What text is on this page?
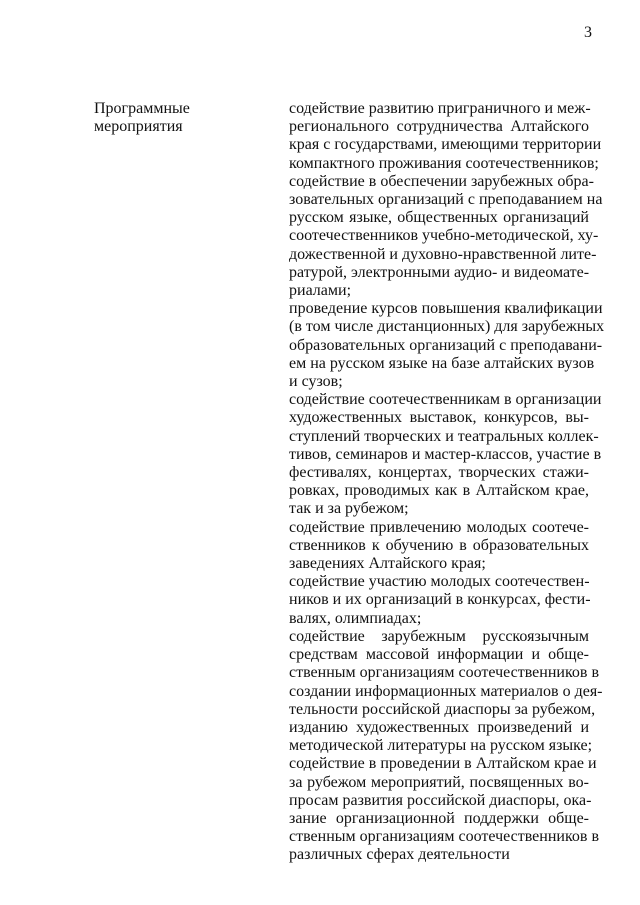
3
Программные
мероприятия
содействие развитию приграничного и меж-
регионального сотрудничества Алтайского
края с государствами, имеющими территории
компактного проживания соотечественников;
содействие в обеспечении зарубежных обра-
зовательных организаций с преподаванием на
русском языке, общественных организаций
соотечественников учебно-методической, ху-
дожественной и духовно-нравственной лите-
ратурой, электронными аудио- и видеомате-
риалами;
проведение курсов повышения квалификации
(в том числе дистанционных) для зарубежных
образовательных организаций с преподавани-
ем на русском языке на базе алтайских вузов
и сузов;
содействие соотечественникам в организации
художественных выставок, конкурсов, вы-
ступлений творческих и театральных коллек-
тивов, семинаров и мастер-классов, участие в
фестивалях, концертах, творческих стажи-
ровках, проводимых как в Алтайском крае,
так и за рубежом;
содействие привлечению молодых соотече-
ственников к обучению в образовательных
заведениях Алтайского края;
содействие участию молодых соотечествен-
ников и их организаций в конкурсах, фести-
валях, олимпиадах;
содействие зарубежным русскоязычным
средствам массовой информации и обще-
ственным организациям соотечественников в
создании информационных материалов о дея-
тельности российской диаспоры за рубежом,
изданию художественных произведений и
методической литературы на русском языке;
содействие в проведении в Алтайском крае и
за рубежом мероприятий, посвященных во-
просам развития российской диаспоры, ока-
зание организационной поддержки обще-
ственным организациям соотечественников в
различных сферах деятельности
